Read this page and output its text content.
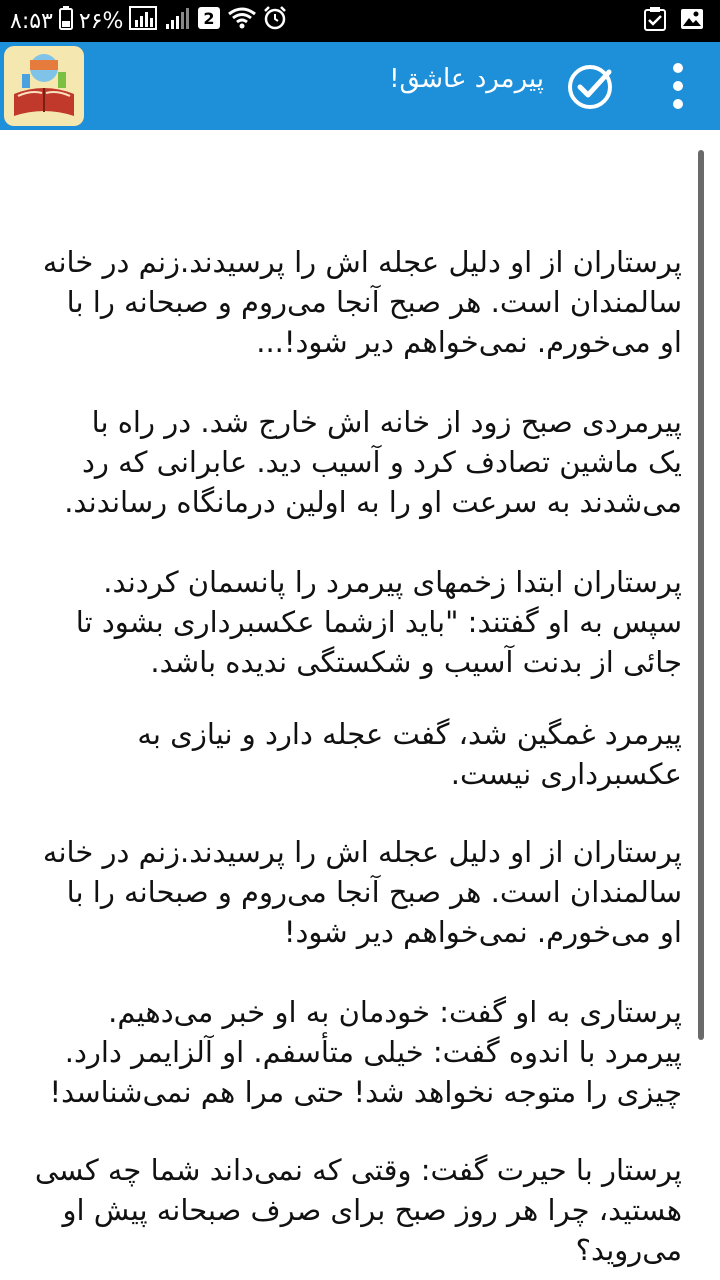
۸:۵۳ ۲۶%	2
پیرمرد عاشق!

پرستاران از او دلیل عجله اش را پرسیدند.زنم در خانه
سالمندان است. هر صبح آنجا می‌روم و صبحانه را با
او می‌خورم. نمی‌خواهم دیر شود!...

پیرمردی صبح زود از خانه اش خارج شد. در راه با
یک ماشین تصادف کرد و آسیب دید. عابرانی که رد
می‌شدند به سرعت او را به اولین درمانگاه رساندند.

پرستاران ابتدا زخمهای پیرمرد را پانسمان کردند.
سپس به او گفتند: "باید ازشما عکسبرداری بشود تا
جائی از بدنت آسیب و شکستگی ندیده باشد.

پیرمرد غمگین شد، گفت عجله دارد و نیازی به
عکسبرداری نیست.

پرستاران از او دلیل عجله اش را پرسیدند.زنم در خانه
سالمندان است. هر صبح آنجا می‌روم و صبحانه را با
او می‌خورم. نمی‌خواهم دیر شود!

پرستاری به او گفت: خودمان به او خبر می‌دهیم.
پیرمرد با اندوه گفت: خیلی متأسفم. او آلزایمر دارد.
چیزی را متوجه نخواهد شد! حتی مرا هم نمی‌شناسد!

پرستار با حیرت گفت: وقتی که نمی‌داند شما چه کسی
هستید، چرا هر روز صبح برای صرف صبحانه پیش او
می‌روید؟
